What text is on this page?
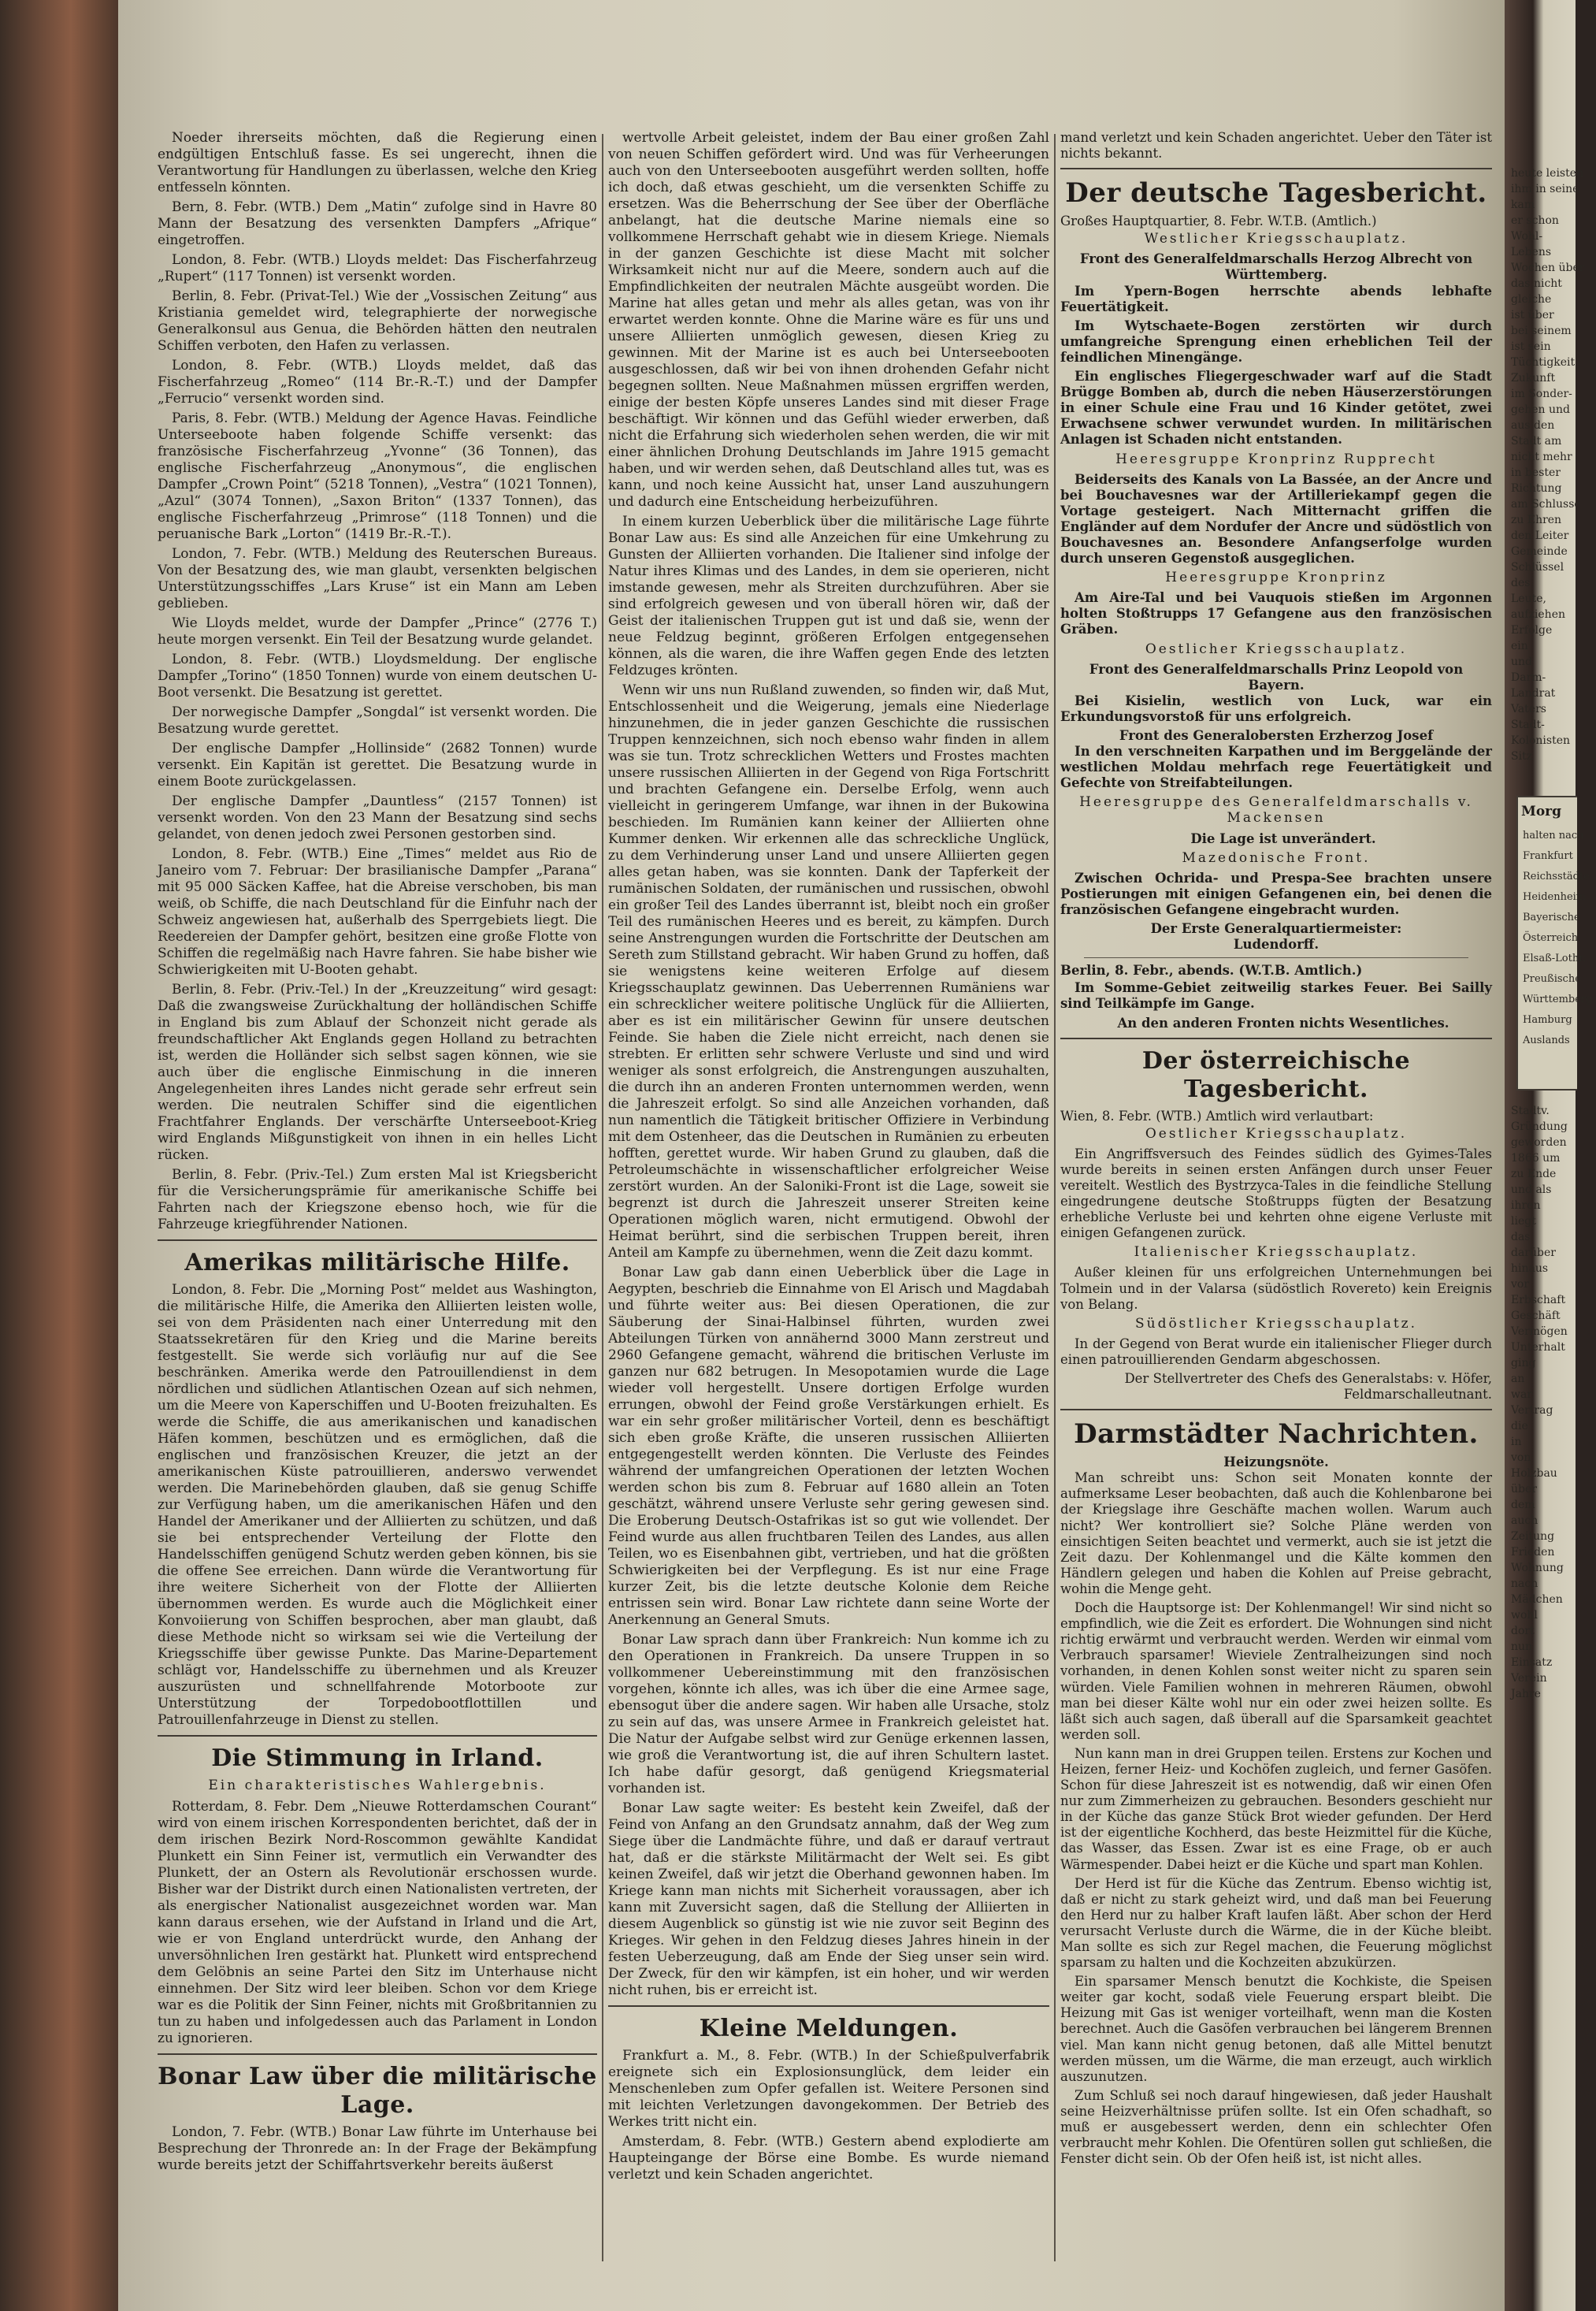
Noeder ihrerseits möchten, daß die Regierung einen endgültigen Entschluß fasse. Es sei ungerecht, ihnen die Verantwortung für Handlungen zu überlassen, welche den Krieg entfesseln könnten.

Bern, 8. Febr. (WTB.) Dem „Matin“ zufolge sind in Havre 80 Mann der Besatzung des versenkten Dampfers „Afrique“ eingetroffen.

London, 8. Febr. (WTB.) Lloyds meldet: Das Fischerfahrzeug „Rupert“ (117 Tonnen) ist versenkt worden.

Berlin, 8. Febr. (Privat-Tel.) Wie der „Vossischen Zeitung“ aus Kristiania gemeldet wird, telegraphierte der norwegische Generalkonsul aus Genua, die Behörden hätten den neutralen Schiffen verboten, den Hafen zu verlassen.

London, 8. Febr. (WTB.) Lloyds meldet, daß das Fischerfahrzeug „Romeo“ (114 Br.-R.-T.) und der Dampfer „Ferrucio“ versenkt worden sind.

Paris, 8. Febr. (WTB.) Meldung der Agence Havas. Feindliche Unterseeboote haben folgende Schiffe versenkt: das französische Fischerfahrzeug „Yvonne“ (36 Tonnen), das englische Fischerfahrzeug „Anonymous“, die englischen Dampfer „Crown Point“ (5218 Tonnen), „Vestra“ (1021 Tonnen), „Azul“ (3074 Tonnen), „Saxon Briton“ (1337 Tonnen), das englische Fischerfahrzeug „Primrose“ (118 Tonnen) und die peruanische Bark „Lorton“ (1419 Br.-R.-T.).

London, 7. Febr. (WTB.) Meldung des Reuterschen Bureaus. Von der Besatzung des, wie man glaubt, versenkten belgischen Unterstützungsschiffes „Lars Kruse“ ist ein Mann am Leben geblieben.

Wie Lloyds meldet, wurde der Dampfer „Prince“ (2776 T.) heute morgen versenkt. Ein Teil der Besatzung wurde gelandet.

London, 8. Febr. (WTB.) Lloydsmeldung. Der englische Dampfer „Torino“ (1850 Tonnen) wurde von einem deutschen U-Boot versenkt. Die Besatzung ist gerettet.

Der norwegische Dampfer „Songdal“ ist versenkt worden. Die Besatzung wurde gerettet.

Der englische Dampfer „Hollinside“ (2682 Tonnen) wurde versenkt. Ein Kapitän ist gerettet. Die Besatzung wurde in einem Boote zurückgelassen.

Der englische Dampfer „Dauntless“ (2157 Tonnen) ist versenkt worden. Von den 23 Mann der Besatzung sind sechs gelandet, von denen jedoch zwei Personen gestorben sind.

London, 8. Febr. (WTB.) Eine „Times“ meldet aus Rio de Janeiro vom 7. Februar: Der brasilianische Dampfer „Parana“ mit 95 000 Säcken Kaffee, hat die Abreise verschoben, bis man weiß, ob Schiffe, die nach Deutschland für die Einfuhr nach der Schweiz angewiesen hat, außerhalb des Sperrgebiets liegt. Die Reedereien der Dampfer gehört, besitzen eine große Flotte von Schiffen die regelmäßig nach Havre fahren. Sie habe bisher wie Schwierigkeiten mit U-Booten gehabt.

Berlin, 8. Febr. (Priv.-Tel.) In der „Kreuzzeitung“ wird gesagt: Daß die zwangsweise Zurückhaltung der holländischen Schiffe in England bis zum Ablauf der Schonzeit nicht gerade als freundschaftlicher Akt Englands gegen Holland zu betrachten ist, werden die Holländer sich selbst sagen können, wie sie auch über die englische Einmischung in die inneren Angelegenheiten ihres Landes nicht gerade sehr erfreut sein werden. Die neutralen Schiffer sind die eigentlichen Frachtfahrer Englands. Der verschärfte Unterseeboot-Krieg wird Englands Mißgunstigkeit von ihnen in ein helles Licht rücken.

Berlin, 8. Febr. (Priv.-Tel.) Zum ersten Mal ist Kriegsbericht für die Versicherungsprämie für amerikanische Schiffe bei Fahrten nach der Kriegszone ebenso hoch, wie für die Fahrzeuge kriegführender Nationen.

Amerikas militärische Hilfe.

London, 8. Febr. Die „Morning Post“ meldet aus Washington, die militärische Hilfe, die Amerika den Alliierten leisten wolle, sei von dem Präsidenten nach einer Unterredung mit den Staatssekretären für den Krieg und die Marine bereits festgestellt. Sie werde sich vorläufig nur auf die See beschränken. Amerika werde den Patrouillendienst in dem nördlichen und südlichen Atlantischen Ozean auf sich nehmen, um die Meere von Kaperschiffen und U-Booten freizuhalten. Es werde die Schiffe, die aus amerikanischen und kanadischen Häfen kommen, beschützen und es ermöglichen, daß die englischen und französischen Kreuzer, die jetzt an der amerikanischen Küste patrouillieren, anderswo verwendet werden. Die Marinebehörden glauben, daß sie genug Schiffe zur Verfügung haben, um die amerikanischen Häfen und den Handel der Amerikaner und der Alliierten zu schützen, und daß sie bei entsprechender Verteilung der Flotte den Handelsschiffen genügend Schutz werden geben können, bis sie die offene See erreichen. Dann würde die Verantwortung für ihre weitere Sicherheit von der Flotte der Alliierten übernommen werden. Es wurde auch die Möglichkeit einer Konvoiierung von Schiffen besprochen, aber man glaubt, daß diese Methode nicht so wirksam sei wie die Verteilung der Kriegsschiffe über gewisse Punkte. Das Marine-Departement schlägt vor, Handelsschiffe zu übernehmen und als Kreuzer auszurüsten und schnellfahrende Motorboote zur Unterstützung der Torpedobootflottillen und Patrouillenfahrzeuge in Dienst zu stellen.

Die Stimmung in Irland.
Ein charakteristisches Wahlergebnis.

Rotterdam, 8. Febr. Dem „Nieuwe Rotterdamschen Courant“ wird von einem irischen Korrespondenten berichtet, daß der in dem irischen Bezirk Nord-Roscommon gewählte Kandidat Plunkett ein Sinn Feiner ist, vermutlich ein Verwandter des Plunkett, der an Ostern als Revolutionär erschossen wurde. Bisher war der Distrikt durch einen Nationalisten vertreten, der als energischer Nationalist ausgezeichnet worden war. Man kann daraus ersehen, wie der Aufstand in Irland und die Art, wie er von England unterdrückt wurde, den Anhang der unversöhnlichen Iren gestärkt hat. Plunkett wird entsprechend dem Gelöbnis an seine Partei den Sitz im Unterhause nicht einnehmen. Der Sitz wird leer bleiben. Schon vor dem Kriege war es die Politik der Sinn Feiner, nichts mit Großbritannien zu tun zu haben und infolgedessen auch das Parlament in London zu ignorieren.

Bonar Law über die militärische Lage.

London, 7. Febr. (WTB.) Bonar Law führte im Unterhause bei Besprechung der Thronrede an: In der Frage der Bekämpfung wurde bereits jetzt der Schiffahrtsverkehr bereits äußerst

wertvolle Arbeit geleistet, indem der Bau einer großen Zahl von neuen Schiffen gefördert wird. Und was für Verheerungen auch von den Unterseebooten ausgeführt werden sollten, hoffe ich doch, daß etwas geschieht, um die versenkten Schiffe zu ersetzen. Was die Beherrschung der See über der Oberfläche anbelangt, hat die deutsche Marine niemals eine so vollkommene Herrschaft gehabt wie in diesem Kriege. Niemals in der ganzen Geschichte ist diese Macht mit solcher Wirksamkeit nicht nur auf die Meere, sondern auch auf die Empfindlichkeiten der neutralen Mächte ausgeübt worden. Die Marine hat alles getan und mehr als alles getan, was von ihr erwartet werden konnte. Ohne die Marine wäre es für uns und unsere Alliierten unmöglich gewesen, diesen Krieg zu gewinnen. Mit der Marine ist es auch bei Unterseebooten ausgeschlossen, daß wir bei von ihnen drohenden Gefahr nicht begegnen sollten. Neue Maßnahmen müssen ergriffen werden, einige der besten Köpfe unseres Landes sind mit dieser Frage beschäftigt. Wir können und das Gefühl wieder erwerben, daß nicht die Erfahrung sich wiederholen sehen werden, die wir mit einer ähnlichen Drohung Deutschlands im Jahre 1915 gemacht haben, und wir werden sehen, daß Deutschland alles tut, was es kann, und noch keine Aussicht hat, unser Land auszuhungern und dadurch eine Entscheidung herbeizuführen.

In einem kurzen Ueberblick über die militärische Lage führte Bonar Law aus: Es sind alle Anzeichen für eine Umkehrung zu Gunsten der Alliierten vorhanden. Die Italiener sind infolge der Natur ihres Klimas und des Landes, in dem sie operieren, nicht imstande gewesen, mehr als Streiten durchzuführen. Aber sie sind erfolgreich gewesen und von überall hören wir, daß der Geist der italienischen Truppen gut ist und daß sie, wenn der neue Feldzug beginnt, größeren Erfolgen entgegensehen können, als die waren, die ihre Waffen gegen Ende des letzten Feldzuges krönten.

Wenn wir uns nun Rußland zuwenden, so finden wir, daß Mut, Entschlossenheit und die Weigerung, jemals eine Niederlage hinzunehmen, die in jeder ganzen Geschichte die russischen Truppen kennzeichnen, sich noch ebenso wahr finden in allem was sie tun. Trotz schrecklichen Wetters und Frostes machten unsere russischen Alliierten in der Gegend von Riga Fortschritt und brachten Gefangene ein. Derselbe Erfolg, wenn auch vielleicht in geringerem Umfange, war ihnen in der Bukowina beschieden. Im Rumänien kann keiner der Alliierten ohne Kummer denken. Wir erkennen alle das schreckliche Unglück, zu dem Verhinderung unser Land und unsere Alliierten gegen alles getan haben, was sie konnten. Dank der Tapferkeit der rumänischen Soldaten, der rumänischen und russischen, obwohl ein großer Teil des Landes überrannt ist, bleibt noch ein großer Teil des rumänischen Heeres und es bereit, zu kämpfen. Durch seine Anstrengungen wurden die Fortschritte der Deutschen am Sereth zum Stillstand gebracht. Wir haben Grund zu hoffen, daß sie wenigstens keine weiteren Erfolge auf diesem Kriegsschauplatz gewinnen. Das Ueberrennen Rumäniens war ein schrecklicher weitere politische Unglück für die Alliierten, aber es ist ein militärischer Gewinn für unsere deutschen Feinde. Sie haben die Ziele nicht erreicht, nach denen sie strebten. Er erlitten sehr schwere Verluste und sind und wird weniger als sonst erfolgreich, die Anstrengungen auszuhalten, die durch ihn an anderen Fronten unternommen werden, wenn die Jahreszeit erfolgt. So sind alle Anzeichen vorhanden, daß nun namentlich die Tätigkeit britischer Offiziere in Verbindung mit dem Ostenheer, das die Deutschen in Rumänien zu erbeuten hofften, gerettet wurde. Wir haben Grund zu glauben, daß die Petroleumschächte in wissenschaftlicher erfolgreicher Weise zerstört wurden. An der Saloniki-Front ist die Lage, soweit sie begrenzt ist durch die Jahreszeit unserer Streiten keine Operationen möglich waren, nicht ermutigend. Obwohl der Heimat berührt, sind die serbischen Truppen bereit, ihren Anteil am Kampfe zu übernehmen, wenn die Zeit dazu kommt.

Bonar Law gab dann einen Ueberblick über die Lage in Aegypten, beschrieb die Einnahme von El Arisch und Magdabah und führte weiter aus: Bei diesen Operationen, die zur Säuberung der Sinai-Halbinsel führten, wurden zwei Abteilungen Türken von annähernd 3000 Mann zerstreut und 2960 Gefangene gemacht, während die britischen Verluste im ganzen nur 682 betrugen. In Mesopotamien wurde die Lage wieder voll hergestellt. Unsere dortigen Erfolge wurden errungen, obwohl der Feind große Verstärkungen erhielt. Es war ein sehr großer militärischer Vorteil, denn es beschäftigt sich eben große Kräfte, die unseren russischen Alliierten entgegengestellt werden könnten. Die Verluste des Feindes während der umfangreichen Operationen der letzten Wochen werden schon bis zum 8. Februar auf 1680 allein an Toten geschätzt, während unsere Verluste sehr gering gewesen sind. Die Eroberung Deutsch-Ostafrikas ist so gut wie vollendet. Der Feind wurde aus allen fruchtbaren Teilen des Landes, aus allen Teilen, wo es Eisenbahnen gibt, vertrieben, und hat die größten Schwierigkeiten bei der Verpflegung. Es ist nur eine Frage kurzer Zeit, bis die letzte deutsche Kolonie dem Reiche entrissen sein wird. Bonar Law richtete dann seine Worte der Anerkennung an General Smuts.

Bonar Law sprach dann über Frankreich: Nun komme ich zu den Operationen in Frankreich. Da unsere Truppen in so vollkommener Uebereinstimmung mit den französischen vorgehen, könnte ich alles, was ich über die eine Armee sage, ebensogut über die andere sagen. Wir haben alle Ursache, stolz zu sein auf das, was unsere Armee in Frankreich geleistet hat. Die Natur der Aufgabe selbst wird zur Genüge erkennen lassen, wie groß die Verantwortung ist, die auf ihren Schultern lastet. Ich habe dafür gesorgt, daß genügend Kriegsmaterial vorhanden ist.

Bonar Law sagte weiter: Es besteht kein Zweifel, daß der Feind von Anfang an den Grundsatz annahm, daß der Weg zum Siege über die Landmächte führe, und daß er darauf vertraut hat, daß er die stärkste Militärmacht der Welt sei. Es gibt keinen Zweifel, daß wir jetzt die Oberhand gewonnen haben. Im Kriege kann man nichts mit Sicherheit voraussagen, aber ich kann mit Zuversicht sagen, daß die Stellung der Alliierten in diesem Augenblick so günstig ist wie nie zuvor seit Beginn des Krieges. Wir gehen in den Feldzug dieses Jahres hinein in der festen Ueberzeugung, daß am Ende der Sieg unser sein wird. Der Zweck, für den wir kämpfen, ist ein hoher, und wir werden nicht ruhen, bis er erreicht ist.

Kleine Meldungen.

Frankfurt a. M., 8. Febr. (WTB.) In der Schießpulverfabrik ereignete sich ein Explosionsunglück, dem leider ein Menschenleben zum Opfer gefallen ist. Weitere Personen sind mit leichten Verletzungen davongekommen. Der Betrieb des Werkes tritt nicht ein.

Amsterdam, 8. Febr. (WTB.) Gestern abend explodierte am Haupteingange der Börse eine Bombe. Es wurde niemand verletzt und kein Schaden angerichtet.

mand verletzt und kein Schaden angerichtet. Ueber den Täter ist nichts bekannt.

Der deutsche Tagesbericht.
Großes Hauptquartier, 8. Febr. W.T.B. (Amtlich.)
Westlicher Kriegsschauplatz.
Front des Generalfeldmarschalls Herzog Albrecht von Württemberg.

Im Ypern-Bogen herrschte abends lebhafte Feuertätigkeit.

Im Wytschaete-Bogen zerstörten wir durch umfangreiche Sprengung einen erheblichen Teil der feindlichen Minengänge.

Ein englisches Fliegergeschwader warf auf die Stadt Brügge Bomben ab, durch die neben Häuserzerstörungen in einer Schule eine Frau und 16 Kinder getötet, zwei Erwachsene schwer verwundet wurden. In militärischen Anlagen ist Schaden nicht entstanden.

Heeresgruppe Kronprinz Rupprecht

Beiderseits des Kanals von La Bassée, an der Ancre und bei Bouchavesnes war der Artilleriekampf gegen die Vortage gesteigert. Nach Mitternacht griffen die Engländer auf dem Nordufer der Ancre und südöstlich von Bouchavesnes an. Besondere Anfangserfolge wurden durch unseren Gegenstoß ausgeglichen.

Heeresgruppe Kronprinz

Am Aire-Tal und bei Vauquois stießen im Argonnen holten Stoßtrupps 17 Gefangene aus den französischen Gräben.

Oestlicher Kriegsschauplatz.
Front des Generalfeldmarschalls Prinz Leopold von Bayern.

Bei Kisielin, westlich von Luck, war ein Erkundungsvorstoß für uns erfolgreich.

Front des Generalobersten Erzherzog Josef

In den verschneiten Karpathen und im Berggelände der westlichen Moldau mehrfach rege Feuertätigkeit und Gefechte von Streifabteilungen.

Heeresgruppe des Generalfeldmarschalls v. Mackensen

Die Lage ist unverändert.

Mazedonische Front.

Zwischen Ochrida- und Prespa-See brachten unsere Postierungen mit einigen Gefangenen ein, bei denen die französischen Gefangene eingebracht wurden.

Der Erste Generalquartiermeister:
Ludendorff.
Berlin, 8. Febr., abends. (W.T.B. Amtlich.)

Im Somme-Gebiet zeitweilig starkes Feuer. Bei Sailly sind Teilkämpfe im Gange.

An den anderen Fronten nichts Wesentliches.

Der österreichische Tagesbericht.
Wien, 8. Febr. (WTB.) Amtlich wird verlautbart:
Oestlicher Kriegsschauplatz.

Ein Angriffsversuch des Feindes südlich des Gyimes-Tales wurde bereits in seinen ersten Anfängen durch unser Feuer vereitelt. Westlich des Bystrzyca-Tales in die feindliche Stellung eingedrungene deutsche Stoßtrupps fügten der Besatzung erhebliche Verluste bei und kehrten ohne eigene Verluste mit einigen Gefangenen zurück.

Italienischer Kriegsschauplatz.

Außer kleinen für uns erfolgreichen Unternehmungen bei Tolmein und in der Valarsa (südöstlich Rovereto) kein Ereignis von Belang.

Südöstlicher Kriegsschauplatz.

In der Gegend von Berat wurde ein italienischer Flieger durch einen patrouillierenden Gendarm abgeschossen.

Der Stellvertreter des Chefs des Generalstabs: v. Höfer, Feldmarschalleutnant.

Darmstädter Nachrichten.
Heizungsnöte.

Man schreibt uns: Schon seit Monaten konnte der aufmerksame Leser beobachten, daß auch die Kohlenbarone bei der Kriegslage ihre Geschäfte machen wollen. Warum auch nicht? Wer kontrolliert sie? Solche Pläne werden von einsichtigen Seiten beachtet und vermerkt, auch sie ist jetzt die Zeit dazu. Der Kohlenmangel und die Kälte kommen den Händlern gelegen und haben die Kohlen auf Preise gebracht, wohin die Menge geht.

Doch die Hauptsorge ist: Der Kohlenmangel! Wir sind nicht so empfindlich, wie die Zeit es erfordert. Die Wohnungen sind nicht richtig erwärmt und verbraucht werden. Werden wir einmal vom Verbrauch sparsamer! Wieviele Zentralheizungen sind noch vorhanden, in denen Kohlen sonst weiter nicht zu sparen sein würden. Viele Familien wohnen in mehreren Räumen, obwohl man bei dieser Kälte wohl nur ein oder zwei heizen sollte. Es läßt sich auch sagen, daß überall auf die Sparsamkeit geachtet werden soll.

Nun kann man in drei Gruppen teilen. Erstens zur Kochen und Heizen, ferner Heiz- und Kochöfen zugleich, und ferner Gasöfen. Schon für diese Jahreszeit ist es notwendig, daß wir einen Ofen nur zum Zimmerheizen zu gebrauchen. Besonders geschieht nur in der Küche das ganze Stück Brot wieder gefunden. Der Herd ist der eigentliche Kochherd, das beste Heizmittel für die Küche, das Wasser, das Essen. Zwar ist es eine Frage, ob er auch Wärmespender. Dabei heizt er die Küche und spart man Kohlen.

Der Herd ist für die Küche das Zentrum. Ebenso wichtig ist, daß er nicht zu stark geheizt wird, und daß man bei Feuerung den Herd nur zu halber Kraft laufen läßt. Aber schon der Herd verursacht Verluste durch die Wärme, die in der Küche bleibt. Man sollte es sich zur Regel machen, die Feuerung möglichst sparsam zu halten und die Kochzeiten abzukürzen.

Ein sparsamer Mensch benutzt die Kochkiste, die Speisen weiter gar kocht, sodaß viele Feuerung erspart bleibt. Die Heizung mit Gas ist weniger vorteilhaft, wenn man die Kosten berechnet. Auch die Gasöfen verbrauchen bei längerem Brennen viel. Man kann nicht genug betonen, daß alle Mittel benutzt werden müssen, um die Wärme, die man erzeugt, auch wirklich auszunutzen.

Zum Schluß sei noch darauf hingewiesen, daß jeder Haushalt seine Heizverhältnisse prüfen sollte. Ist ein Ofen schadhaft, so muß er ausgebessert werden, denn ein schlechter Ofen verbraucht mehr Kohlen. Die Ofentüren sollen gut schließen, die Fenster dicht sein. Ob der Ofen heiß ist, ist nicht alles.

heute leisten
ihm in seine
kam
er schon
Wohl-
Lebens
Wochen über
das nicht
gleiche
ist über
bei seinem
ist sein
Tüchtigkeit
Zukunft
im Sonder-
gehen und
aus den
Stadt am
nicht mehr
in bester
Richtung
am Schlusse
zu Ehren
den Leiter
Gemeinde
Schlüssel
des
Leute,
aufziehen
Erfolge
ein
und
Darm-
Landrat
Vaters
Stadt-
Kolonisten
Sitz
Morg
halten nach
Frankfurt
Reichsstädte
Heidenheim
Bayerische
Österreich
Elsaß-Lothr.
Preußische
Württemberg.
Hamburg
Auslands
Stadtv.
Gründung
geworden
1866 um
zu Ende
und als
ihren
liegt
das
darüber
hinaus
vor
Erbschaft
Geschäft
Vermögen
Unterhalt
ging
an
war
Vertrag
die
in
von
Holzbau
über
dem
auch
Zeitung
Frieden
Wohnung
nach
Mädchen
wohl
dort
nun
Einsatz
Verein
Jahre
